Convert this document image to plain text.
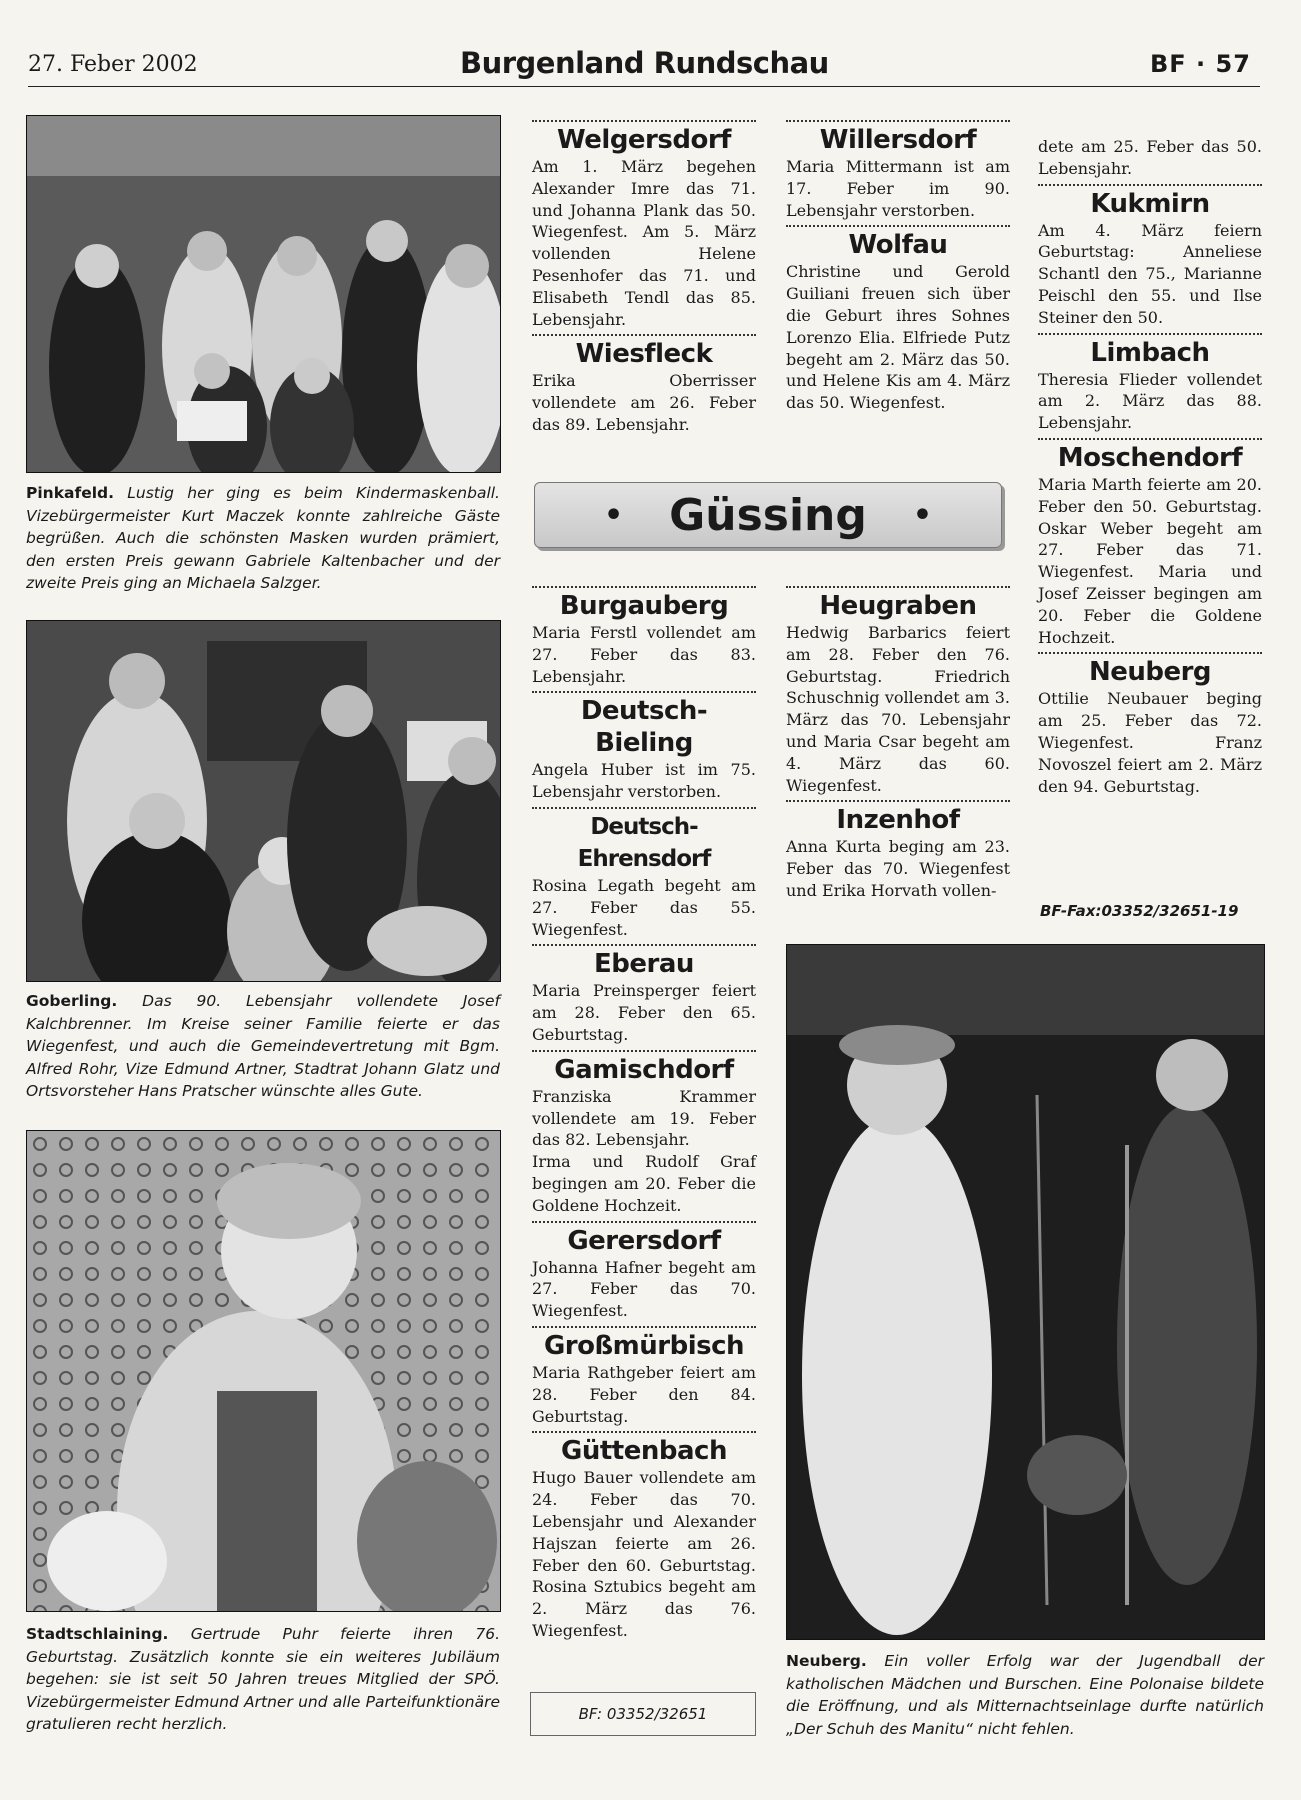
27. Feber 2002	Burgenland Rundschau	BF · 57
Pinkafeld. Lustig her ging es beim Kindermaskenball. Vizebürgermeister Kurt Maczek konnte zahlreiche Gäste begrüßen. Auch die schönsten Masken wurden prämiert, den ersten Preis gewann Gabriele Kaltenbacher und der zweite Preis ging an Michaela Salzger.
Goberling. Das 90. Lebensjahr vollendete Josef Kalchbrenner. Im Kreise seiner Familie feierte er das Wiegenfest, und auch die Gemeindevertretung mit Bgm. Alfred Rohr, Vize Edmund Artner, Stadtrat Johann Glatz und Ortsvorsteher Hans Pratscher wünschte alles Gute.
Stadtschlaining. Gertrude Puhr feierte ihren 76. Geburtstag. Zusätzlich konnte sie ein weiteres Jubiläum begehen: sie ist seit 50 Jahren treues Mitglied der SPÖ. Vizebürgermeister Edmund Artner und alle Parteifunktionäre gratulieren recht herzlich.
Welgersdorf
Am 1. März begehen Alexander Imre das 71. und Johanna Plank das 50. Wiegenfest. Am 5. März vollenden Helene Pesenhofer das 71. und Elisabeth Tendl das 85. Lebensjahr.
Wiesfleck
Erika Oberrisser vollendete am 26. Feber das 89. Lebensjahr.
Willersdorf
Maria Mittermann ist am 17. Feber im 90. Lebensjahr verstorben.
Wolfau
Christine und Gerold Guiliani freuen sich über die Geburt ihres Sohnes Lorenzo Elia. Elfriede Putz begeht am 2. März das 50. und Helene Kis am 4. März das 50. Wiegenfest.
dete am 25. Feber das 50. Lebensjahr.
Kukmirn
Am 4. März feiern Geburtstag: Anneliese Schantl den 75., Marianne Peischl den 55. und Ilse Steiner den 50.
Limbach
Theresia Flieder vollendet am 2. März das 88. Lebensjahr.
Moschendorf
Maria Marth feierte am 20. Feber den 50. Geburtstag. Oskar Weber begeht am 27. Feber das 71. Wiegenfest. Maria und Josef Zeisser begingen am 20. Feber die Goldene Hochzeit.
Neuberg
Ottilie Neubauer beging am 25. Feber das 72. Wiegenfest. Franz Novoszel feiert am 2. März den 94. Geburtstag.
BF-Fax:03352/32651-19
• Güssing •
Burgauberg
Maria Ferstl vollendet am 27. Feber das 83. Lebensjahr.
Deutsch-Bieling
Angela Huber ist im 75. Lebensjahr verstorben.
Deutsch-Ehrensdorf
Rosina Legath begeht am 27. Feber das 55. Wiegenfest.
Eberau
Maria Preinsperger feiert am 28. Feber den 65. Geburtstag.
Gamischdorf
Franziska Krammer vollendete am 19. Feber das 82. Lebensjahr.
Irma und Rudolf Graf begingen am 20. Feber die Goldene Hochzeit.
Gerersdorf
Johanna Hafner begeht am 27. Feber das 70. Wiegenfest.
Großmürbisch
Maria Rathgeber feiert am 28. Feber den 84. Geburtstag.
Güttenbach
Hugo Bauer vollendete am 24. Feber das 70. Lebensjahr und Alexander Hajszan feierte am 26. Feber den 60. Geburtstag. Rosina Sztubics begeht am 2. März das 76. Wiegenfest.
BF: 03352/32651
Heugraben
Hedwig Barbarics feiert am 28. Feber den 76. Geburtstag. Friedrich Schuschnig vollendet am 3. März das 70. Lebensjahr und Maria Csar begeht am 4. März das 60. Wiegenfest.
Inzenhof
Anna Kurta beging am 23. Feber das 70. Wiegenfest und Erika Horvath vollen-
Neuberg. Ein voller Erfolg war der Jugendball der katholischen Mädchen und Burschen. Eine Polonaise bildete die Eröffnung, und als Mitternachtseinlage durfte natürlich „Der Schuh des Manitu“ nicht fehlen.
